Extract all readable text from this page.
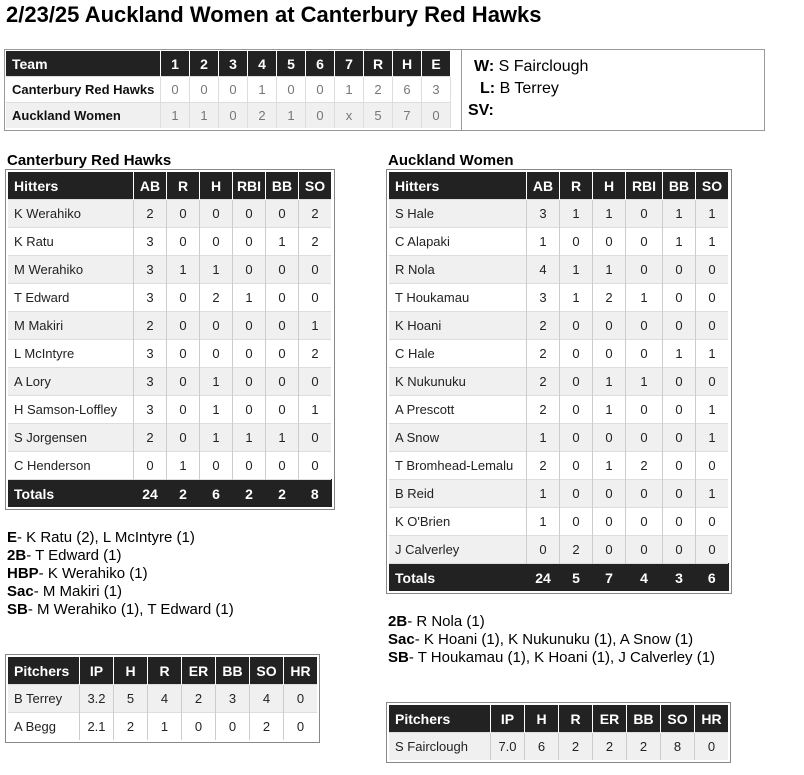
2/23/25 Auckland Women at Canterbury Red Hawks
Team	1	2	3	4	5	6	7	R	H	E
Canterbury Red Hawks	0	0	0	1	0	0	1	2	6	3
Auckland Women	1	1	0	2	1	0	x	5	7	0
W: S Fairclough
L: B Terrey
SV:
Canterbury Red Hawks
Hitters	AB	R	H	RBI	BB	SO
K Werahiko	2	0	0	0	0	2
K Ratu	3	0	0	0	1	2
M Werahiko	3	1	1	0	0	0
T Edward	3	0	2	1	0	0
M Makiri	2	0	0	0	0	1
L McIntyre	3	0	0	0	0	2
A Lory	3	0	1	0	0	0
H Samson-Loffley	3	0	1	0	0	1
S Jorgensen	2	0	1	1	1	0
C Henderson	0	1	0	0	0	0
Totals	24	2	6	2	2	8
E- K Ratu (2), L McIntyre (1)
2B- T Edward (1)
HBP- K Werahiko (1)
Sac- M Makiri (1)
SB- M Werahiko (1), T Edward (1)
Pitchers	IP	H	R	ER	BB	SO	HR
B Terrey	3.2	5	4	2	3	4	0
A Begg	2.1	2	1	0	0	2	0
Auckland Women
Hitters	AB	R	H	RBI	BB	SO
S Hale	3	1	1	0	1	1
C Alapaki	1	0	0	0	1	1
R Nola	4	1	1	0	0	0
T Houkamau	3	1	2	1	0	0
K Hoani	2	0	0	0	0	0
C Hale	2	0	0	0	1	1
K Nukunuku	2	0	1	1	0	0
A Prescott	2	0	1	0	0	1
A Snow	1	0	0	0	0	1
T Bromhead-Lemalu	2	0	1	2	0	0
B Reid	1	0	0	0	0	1
K O'Brien	1	0	0	0	0	0
J Calverley	0	2	0	0	0	0
Totals	24	5	7	4	3	6
2B- R Nola (1)
Sac- K Hoani (1), K Nukunuku (1), A Snow (1)
SB- T Houkamau (1), K Hoani (1), J Calverley (1)
Pitchers	IP	H	R	ER	BB	SO	HR
S Fairclough	7.0	6	2	2	2	8	0
